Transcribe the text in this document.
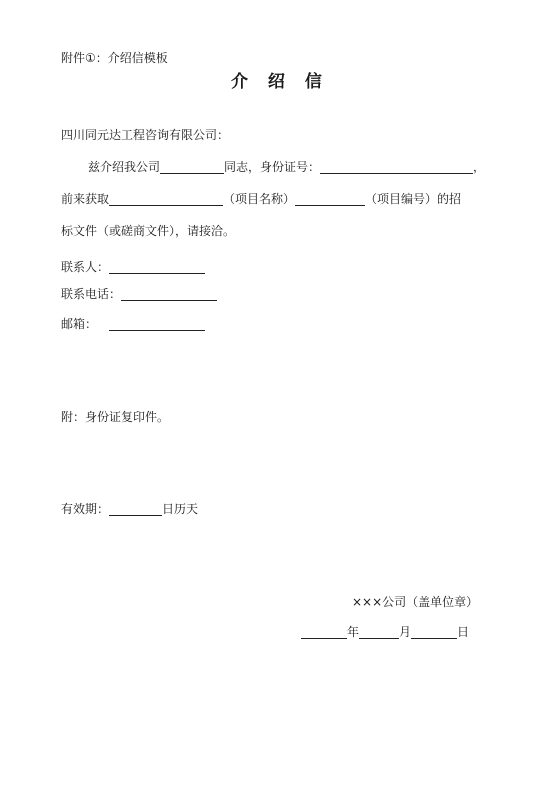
附件①：介绍信模板
介 绍 信
四川同元达工程咨询有限公司：
兹介绍我公司	同志，身份证号：	，
前来获取	（项目名称）	（项目编号）的招
标文件（或磋商文件），请接洽。
联系人：
联系电话：
邮箱：
附：身份证复印件。
有效期：	日历天
×××公司（盖单位章）
年	月	日
